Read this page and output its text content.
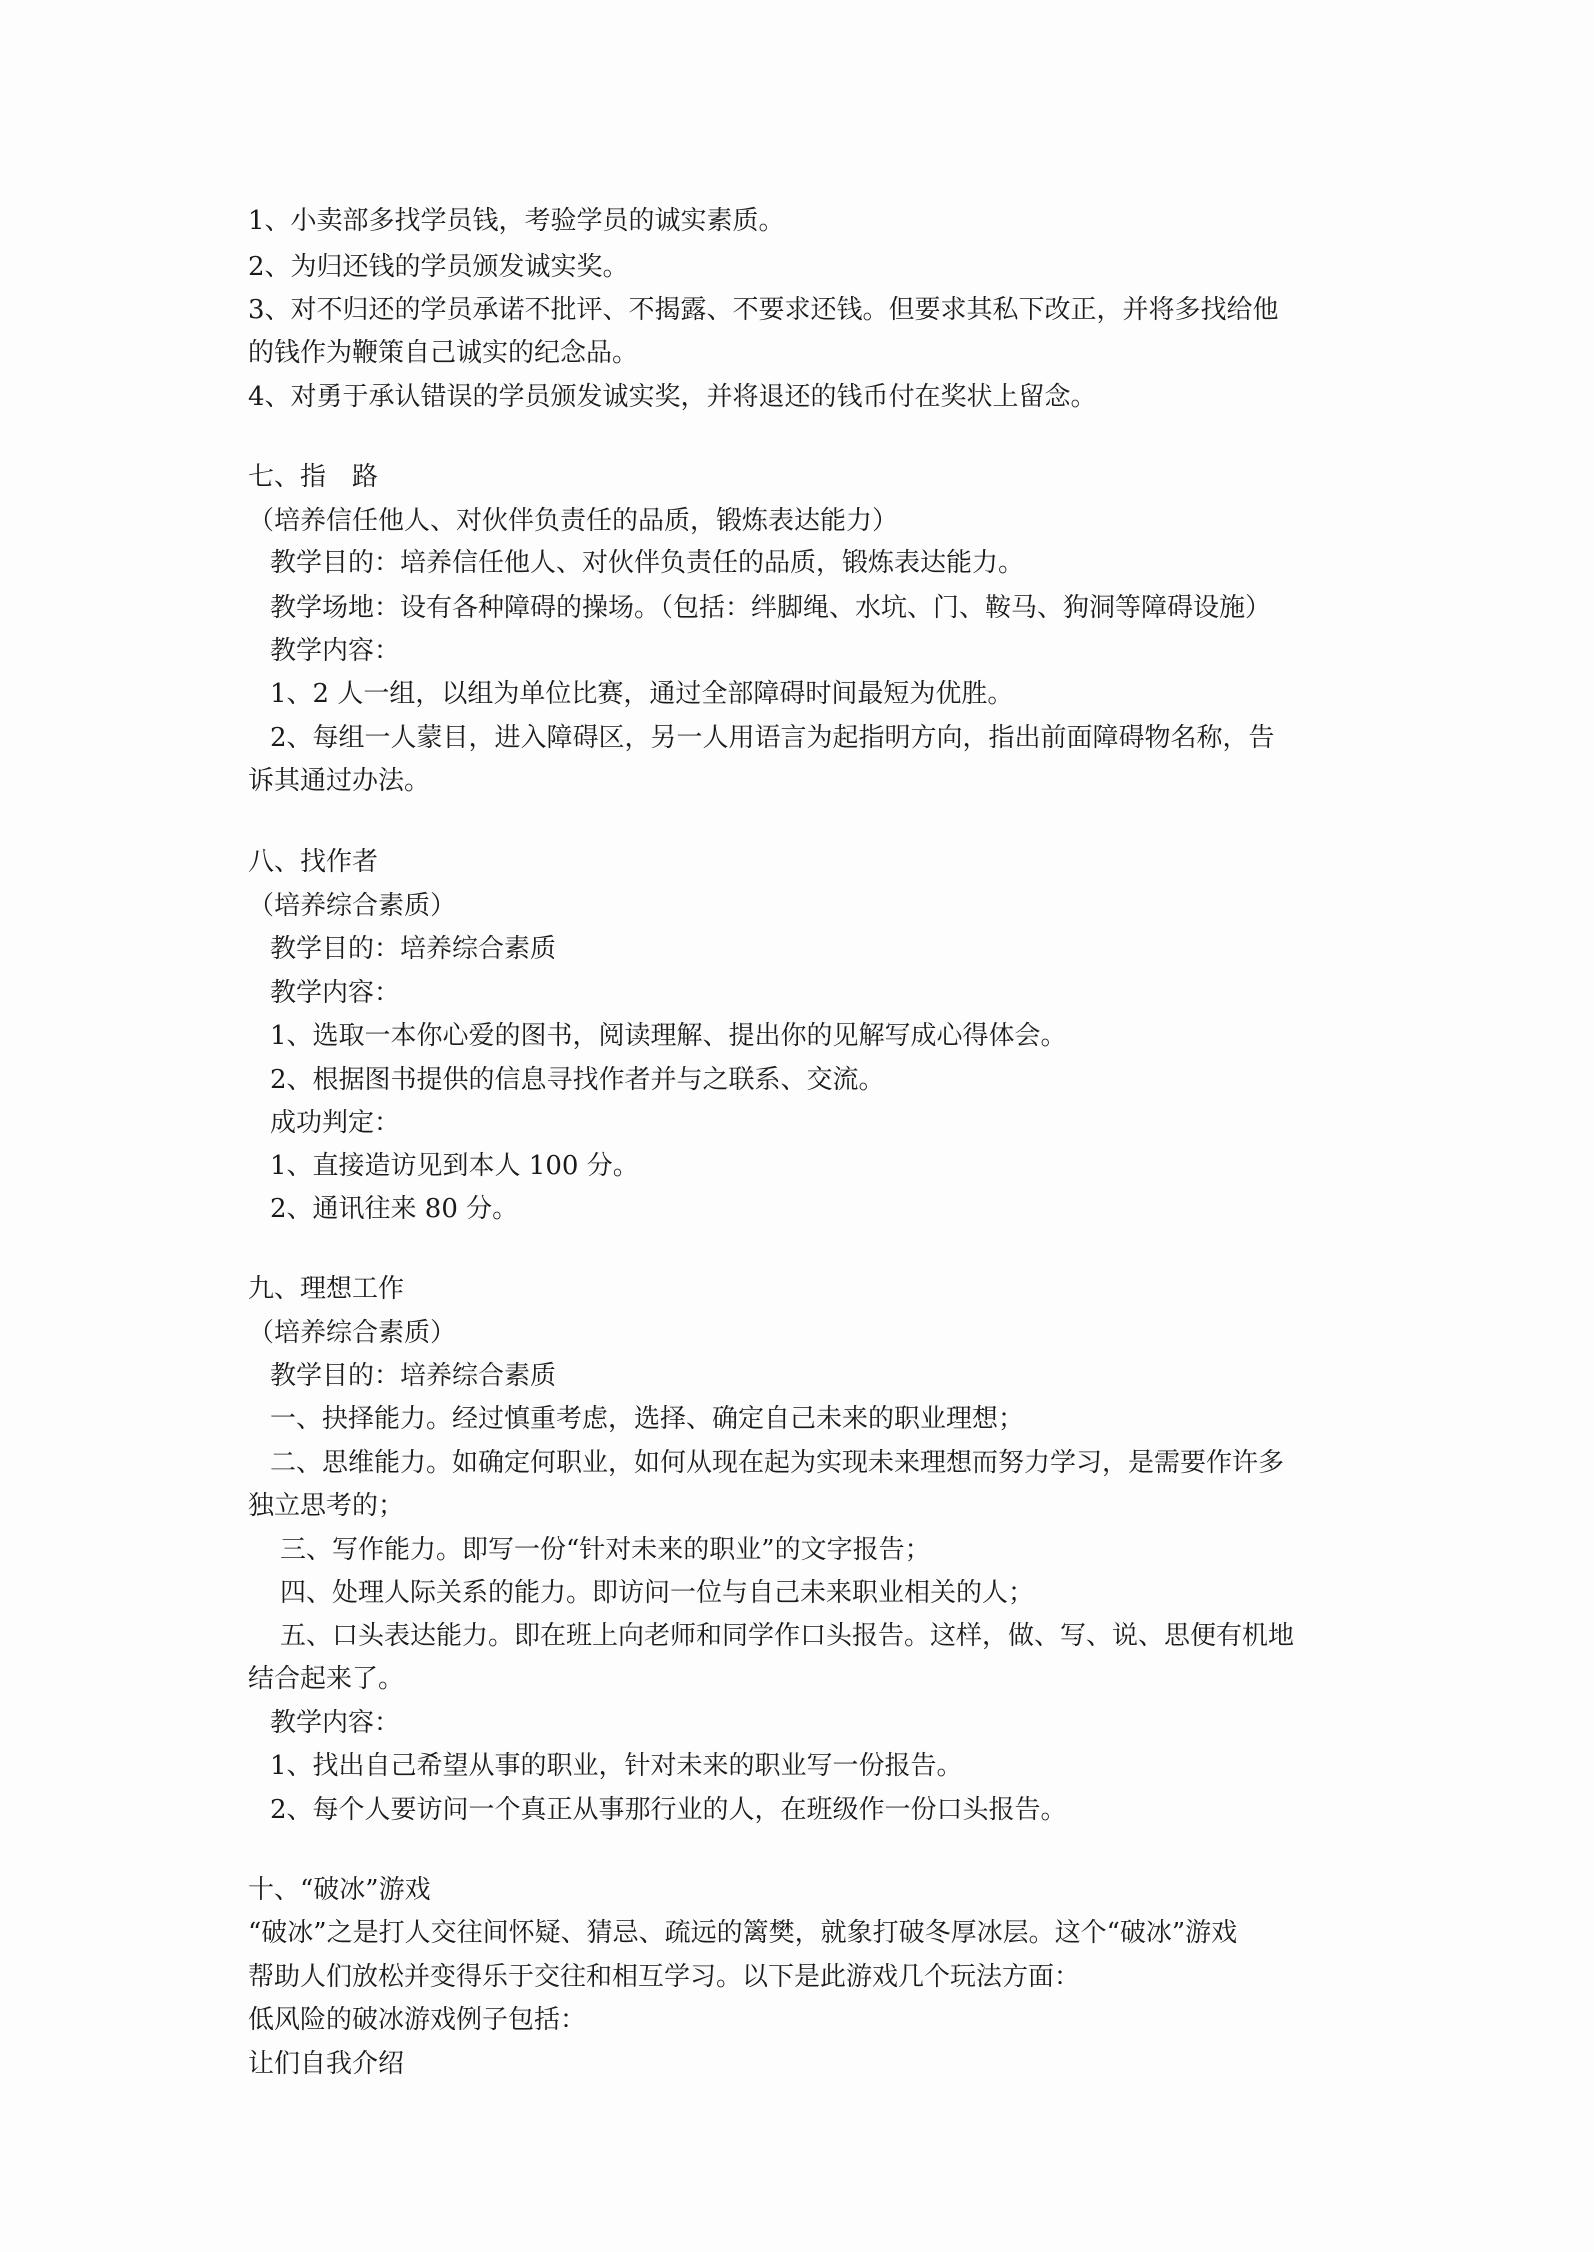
1、小卖部多找学员钱，考验学员的诚实素质。
2、为归还钱的学员颁发诚实奖。
3、对不归还的学员承诺不批评、不揭露、不要求还钱。但要求其私下改正，并将多找给他
的钱作为鞭策自己诚实的纪念品。
4、对勇于承认错误的学员颁发诚实奖，并将退还的钱币付在奖状上留念。
七、指　路
（培养信任他人、对伙伴负责任的品质，锻炼表达能力）
教学目的：培养信任他人、对伙伴负责任的品质，锻炼表达能力。
教学场地：设有各种障碍的操场。（包括：绊脚绳、水坑、门、鞍马、狗洞等障碍设施）
教学内容：
1、2 人一组，以组为单位比赛，通过全部障碍时间最短为优胜。
2、每组一人蒙目，进入障碍区，另一人用语言为起指明方向，指出前面障碍物名称，告
诉其通过办法。
八、找作者
（培养综合素质）
教学目的：培养综合素质
教学内容：
1、选取一本你心爱的图书，阅读理解、提出你的见解写成心得体会。
2、根据图书提供的信息寻找作者并与之联系、交流。
成功判定：
1、直接造访见到本人 100 分。
2、通讯往来 80 分。
九、理想工作
（培养综合素质）
教学目的：培养综合素质
一、抉择能力。经过慎重考虑，选择、确定自己未来的职业理想；
二、思维能力。如确定何职业，如何从现在起为实现未来理想而努力学习，是需要作许多
独立思考的；
三、写作能力。即写一份“针对未来的职业”的文字报告；
四、处理人际关系的能力。即访问一位与自己未来职业相关的人；
五、口头表达能力。即在班上向老师和同学作口头报告。这样，做、写、说、思便有机地
结合起来了。
教学内容：
1、找出自己希望从事的职业，针对未来的职业写一份报告。
2、每个人要访问一个真正从事那行业的人，在班级作一份口头报告。
十、“破冰”游戏
“破冰”之是打人交往间怀疑、猜忌、疏远的篱樊，就象打破冬厚冰层。这个“破冰”游戏
帮助人们放松并变得乐于交往和相互学习。以下是此游戏几个玩法方面：
低风险的破冰游戏例子包括：
让们自我介绍
